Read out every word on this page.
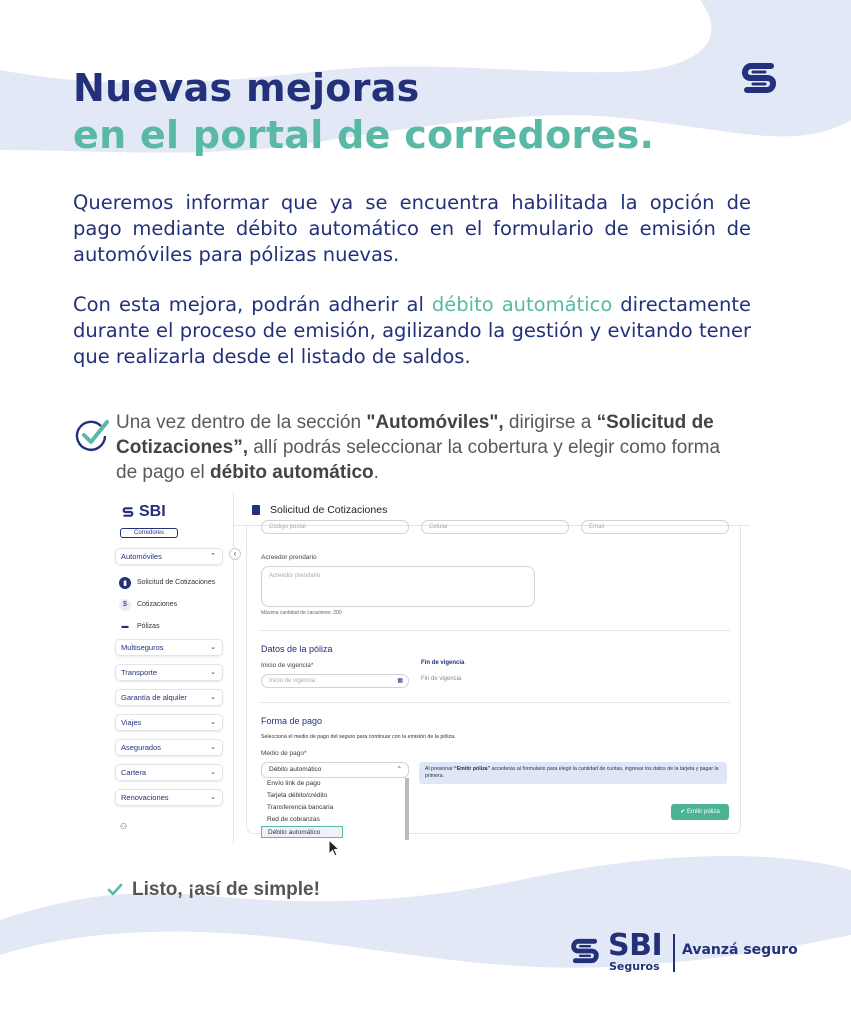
Nuevas mejoras
en el portal de corredores.

Queremos informar que ya se encuentra habilitada la opción de pago mediante débito automático en el formulario de emisión de automóviles para pólizas nuevas.

Con esta mejora, podrán adherir al débito automático directamente durante el proceso de emisión, agilizando la gestión y evitando tener que realizarla desde el listado de saldos.

Una vez dentro de la sección "Automóviles", dirigirse a “Solicitud de Cotizaciones”, allí podrás seleccionar la cobertura y elegir como forma de pago el débito automático.

SBI
Corredores
Automóviles	⌃
▮	Solicitud de Cotizaciones
$	Cotizaciones
▬	Pólizas
Multiseguros	⌄
Transporte	⌄
Garantía de alquiler	⌄
Viajes	⌄
Asegurados	⌄
Cartera	⌄
Renovaciones	⌄
⚇
‹
Solicitud de Cotizaciones
Código postal	Celular	Email
Acreedor prendario
Acreedor prendario
Máxima cantidad de caracteres: 200
Datos de la póliza
Inicio de vigencia*
Inicio de vigencia	▦
Fin de vigencia
Fin de vigencia
Forma de pago
Seleccioná el medio de pago del seguro para continuar con la emisión de la póliza.
Medio de pago*
Débito automático	⌃
Envío link de pago
Tarjeta débito/crédito
Transferencia bancaria
Red de cobranzas
Débito automático
Al presionar “Emitir póliza” accederás al formulario para elegir la cantidad de cuotas, ingresar los datos de la tarjeta y pagar la primera.
✔ Emitir póliza
Listo, ¡así de simple!
SBI
Seguros
Avanzá seguro
